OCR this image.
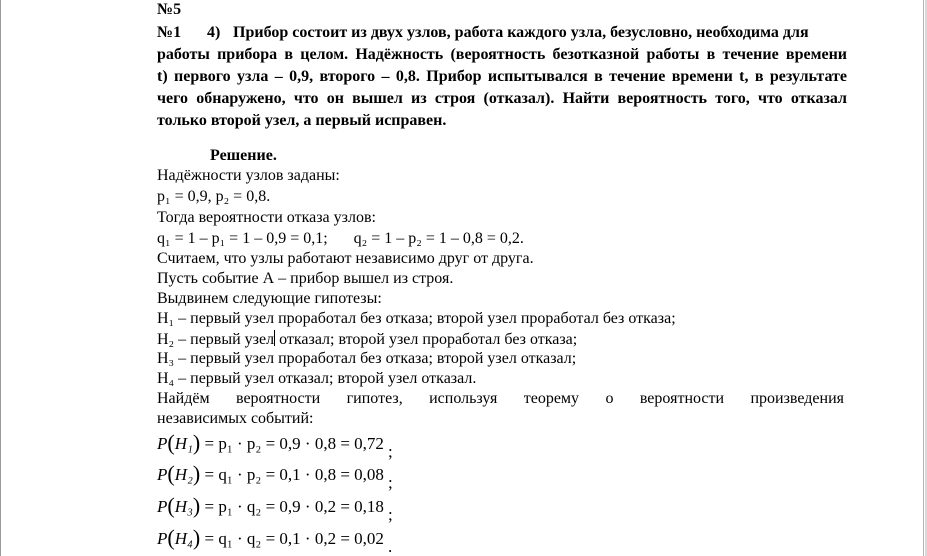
№5
№1 4) Прибор состоит из двух узлов, работа каждого узла, безусловно, необходима для
работы прибора в целом. Надёжность (вероятность безотказной работы в течение времени
t) первого узла – 0,9, второго – 0,8. Прибор испытывался в течение времени t, в результате
чего обнаружено, что он вышел из строя (отказал). Найти вероятность того, что отказал
только второй узел, а первый исправен.
Решение.
Надёжности узлов заданы:
p₁ = 0,9, p₂ = 0,8.
Тогда вероятности отказа узлов:
q₁ = 1 – p₁ = 1 – 0,9 = 0,1; q₂ = 1 – p₂ = 1 – 0,8 = 0,2.
Считаем, что узлы работают независимо друг от друга.
Пусть событие А – прибор вышел из строя.
Выдвинем следующие гипотезы:
H₁ – первый узел проработал без отказа; второй узел проработал без отказа;
H₂ – первый узел отказал; второй узел проработал без отказа;
H₃ – первый узел проработал без отказа; второй узел отказал;
H₄ – первый узел отказал; второй узел отказал.
Найдём вероятности гипотез, используя теорему о вероятности произведения
независимых событий:
P(H₁) = p₁ · p₂ = 0,9 · 0,8 = 0,72 ;
P(H₂) = q₁ · p₂ = 0,1 · 0,8 = 0,08 ;
P(H₃) = p₁ · q₂ = 0,9 · 0,2 = 0,18 ;
P(H₄) = q₁ · q₂ = 0,1 · 0,2 = 0,02 .
